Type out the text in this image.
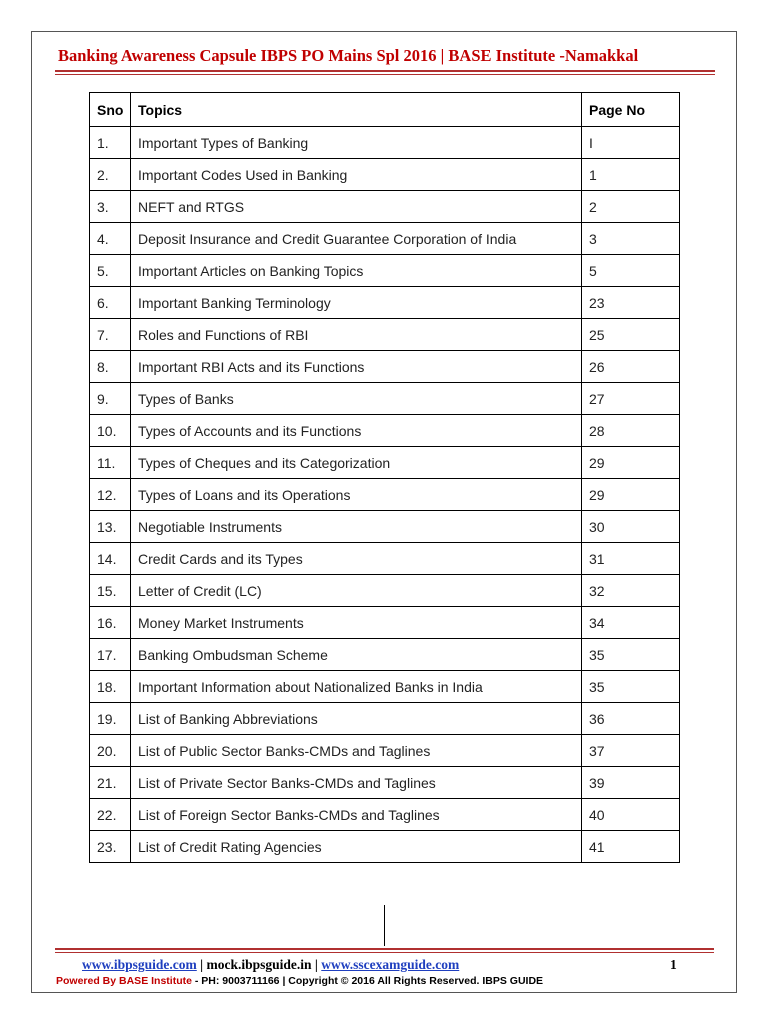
Banking Awareness Capsule IBPS PO Mains Spl 2016 | BASE Institute -Namakkal
Sno	Topics	Page No
1.	Important Types of Banking	I
2.	Important Codes Used in Banking	1
3.	NEFT and RTGS	2
4.	Deposit Insurance and Credit Guarantee Corporation of India	3
5.	Important Articles on Banking Topics	5
6.	Important Banking Terminology	23
7.	Roles and Functions of RBI	25
8.	Important RBI Acts and its Functions	26
9.	Types of Banks	27
10.	Types of Accounts and its Functions	28
11.	Types of Cheques and its Categorization	29
12.	Types of Loans and its Operations	29
13.	Negotiable Instruments	30
14.	Credit Cards and its Types	31
15.	Letter of Credit (LC)	32
16.	Money Market Instruments	34
17.	Banking Ombudsman Scheme	35
18.	Important Information about Nationalized Banks in India	35
19.	List of Banking Abbreviations	36
20.	List of Public Sector Banks-CMDs and Taglines	37
21.	List of Private Sector Banks-CMDs and Taglines	39
22.	List of Foreign Sector Banks-CMDs and Taglines	40
23.	List of Credit Rating Agencies	41
www.ibpsguide.com | mock.ibpsguide.in | www.sscexamguide.com	1
Powered By BASE Institute - PH: 9003711166 | Copyright © 2016 All Rights Reserved. IBPS GUIDE
